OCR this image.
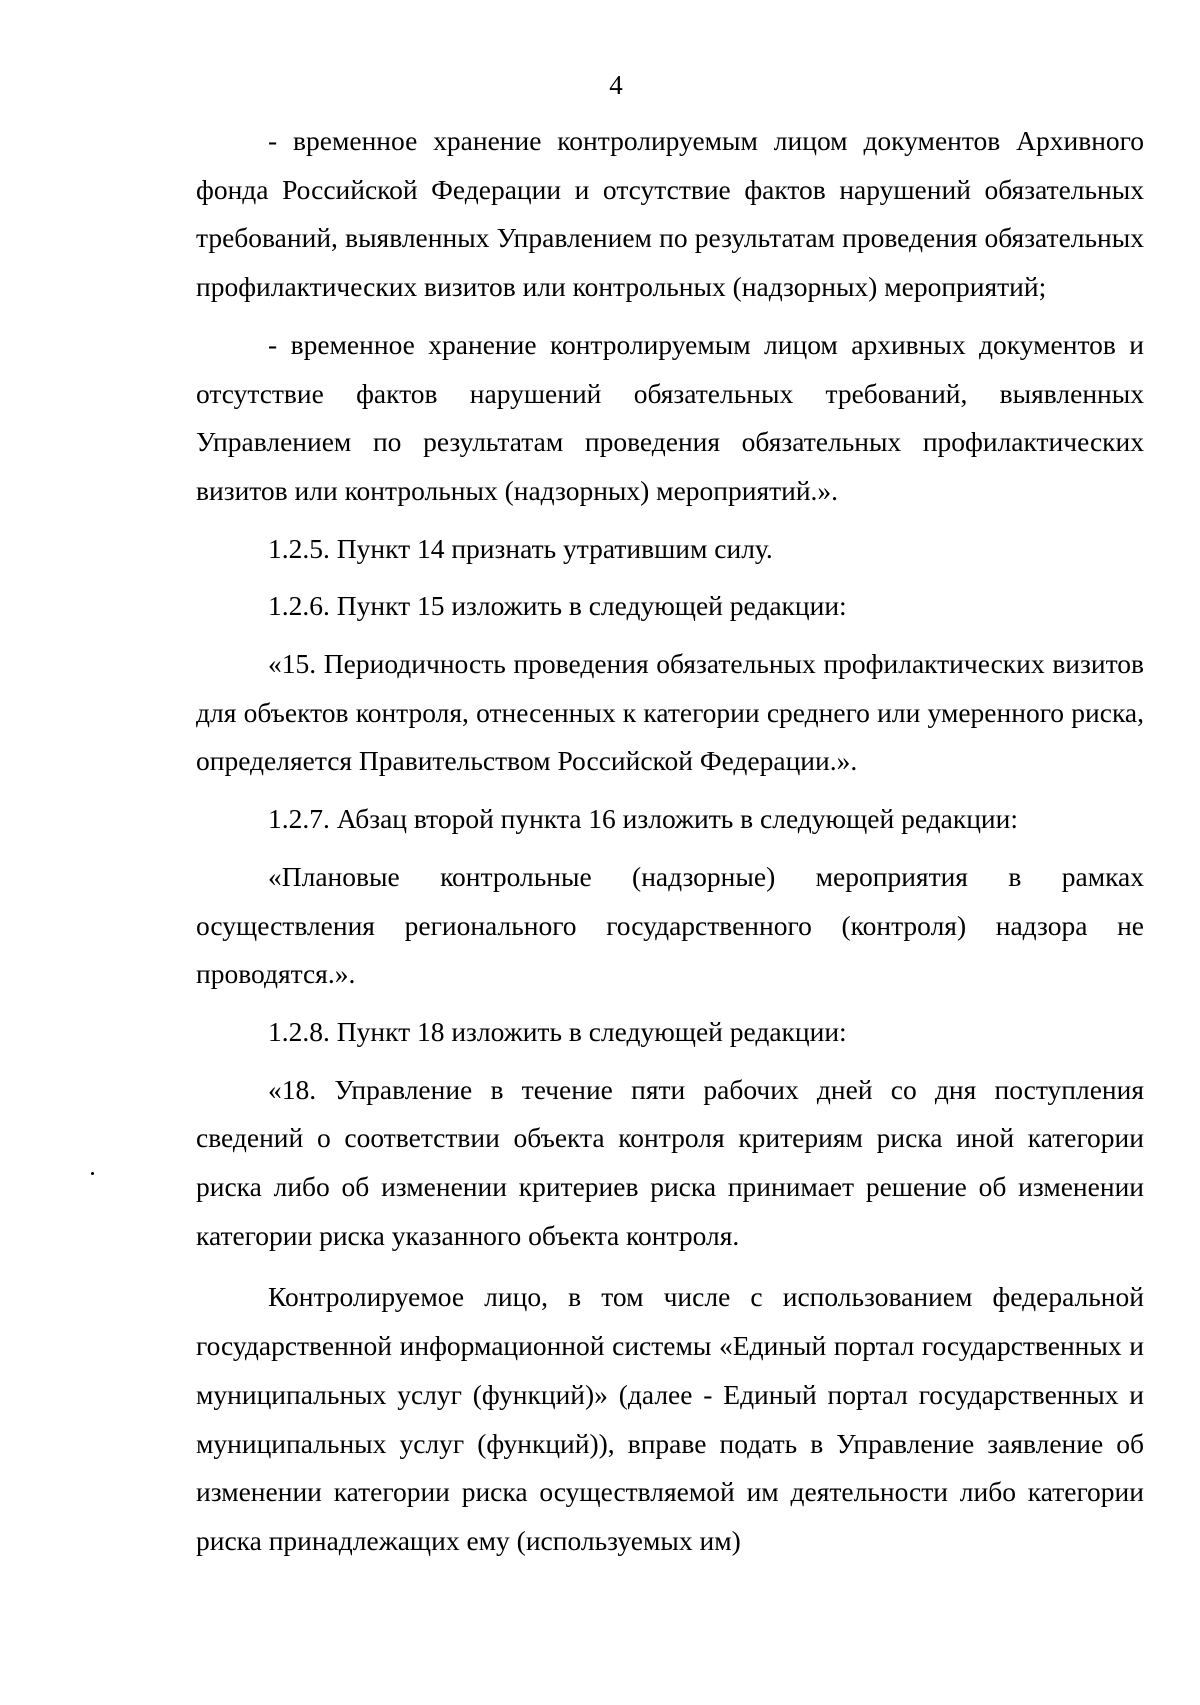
4

- временное хранение контролируемым лицом документов Архивного фонда Российской Федерации и отсутствие фактов нарушений обязательных требований, выявленных Управлением по результатам проведения обязательных профилактических визитов или контрольных (надзорных) мероприятий;

- временное хранение контролируемым лицом архивных документов и отсутствие фактов нарушений обязательных требований, выявленных Управлением по результатам проведения обязательных профилактических визитов или контрольных (надзорных) мероприятий.».

1.2.5. Пункт 14 признать утратившим силу.

1.2.6. Пункт 15 изложить в следующей редакции:

«15. Периодичность проведения обязательных профилактических визитов для объектов контроля, отнесенных к категории среднего или умеренного риска, определяется Правительством Российской Федерации.».

1.2.7. Абзац второй пункта 16 изложить в следующей редакции:

«Плановые контрольные (надзорные) мероприятия в рамках осуществления регионального государственного (контроля) надзора не проводятся.».

1.2.8. Пункт 18 изложить в следующей редакции:

«18. Управление в течение пяти рабочих дней со дня поступления сведений о соответствии объекта контроля критериям риска иной категории риска либо об изменении критериев риска принимает решение об изменении категории риска указанного объекта контроля.

Контролируемое лицо, в том числе с использованием федеральной государственной информационной системы «Единый портал государственных и муниципальных услуг (функций)» (далее - Единый портал государственных и муниципальных услуг (функций)), вправе подать в Управление заявление об изменении категории риска осуществляемой им деятельности либо категории риска принадлежащих ему (используемых им)
